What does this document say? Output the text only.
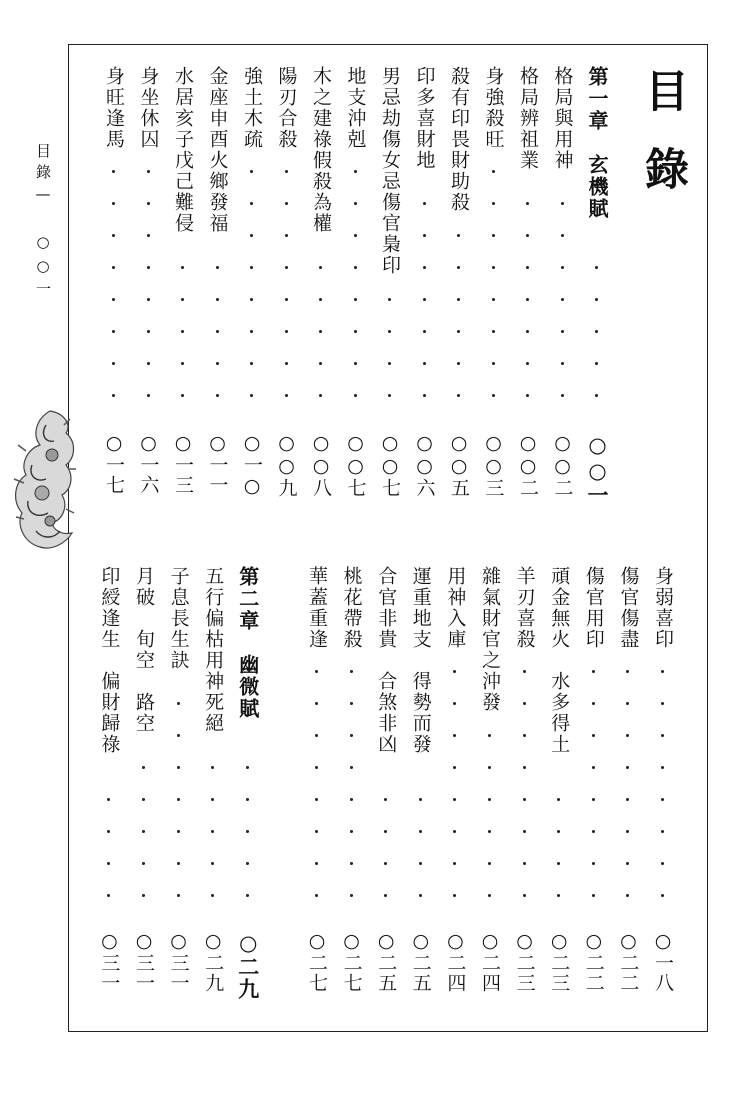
目錄
目錄— ○○一	第一章　玄機賦
○○一
格局與用神
○○二
格局辨祖業
○○二
身強殺旺
○○三
殺有印畏財助殺
○○五
印多喜財地
○○六
男忌劫傷女忌傷官梟印
○○七
地支沖剋
○○七
木之建祿假殺為權
○○八
陽刃合殺
○○九
強土木疏
○一○
金座申酉火鄉發福
○一一
水居亥子戊己難侵
○一三
身坐休囚
○一六
身旺逢馬
○一七
身弱喜印
○一八
傷官傷盡
○二二
傷官用印
○二二
頑金無火　水多得土
○二三
羊刃喜殺
○二三
雜氣財官之沖發
○二四
用神入庫
○二四
運重地支　得勢而發
○二五
合官非貴　合煞非凶
○二五
桃花帶殺
○二七
華蓋重逢
○二七
第二章　幽微賦
○二九
五行偏枯用神死絕
○二九
子息長生訣
○三一
月破　旬空　路空
○三一
印綬逢生　偏財歸祿
○三一
